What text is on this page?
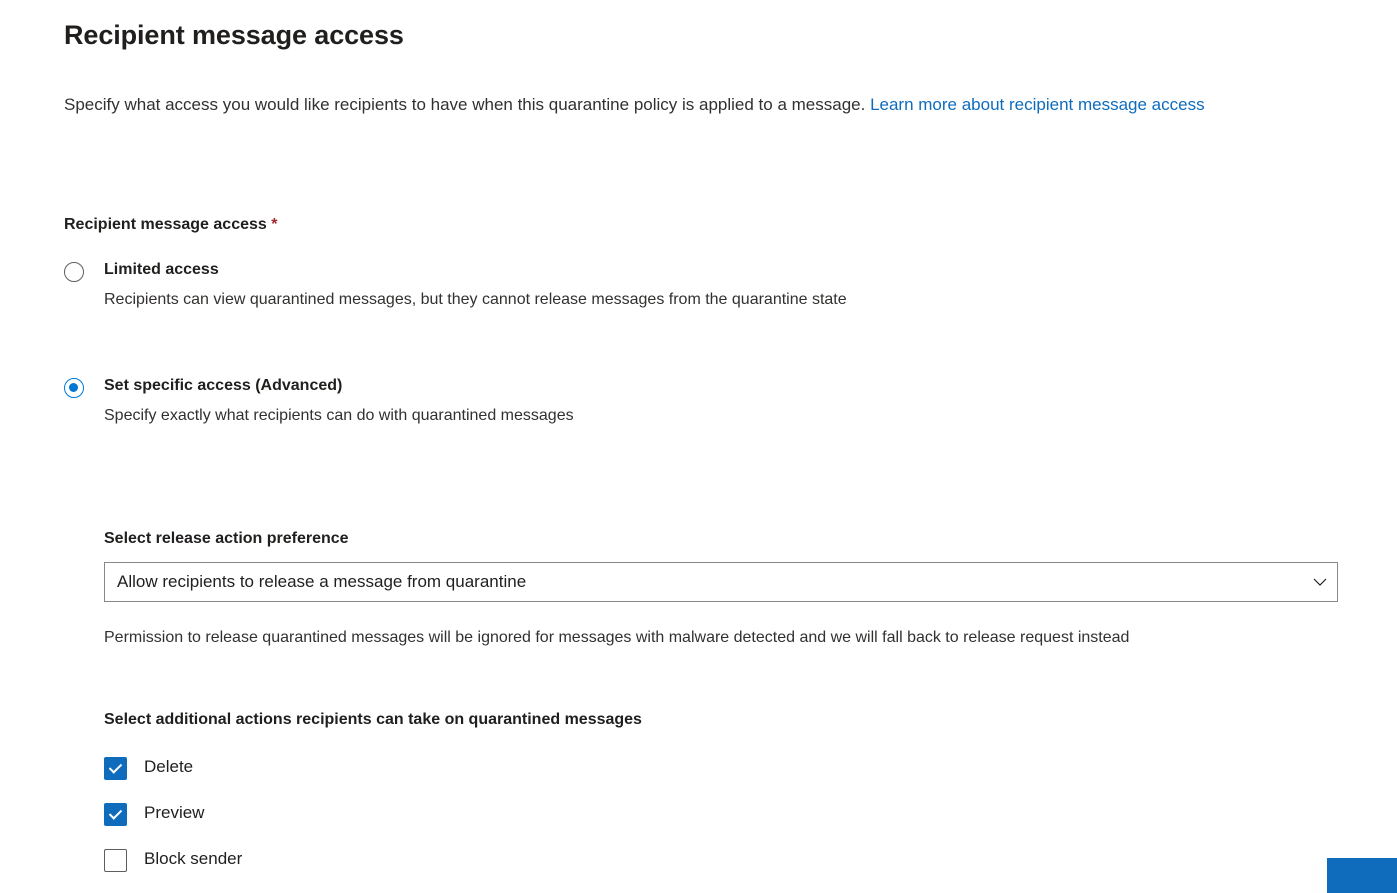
Recipient message access
Specify what access you would like recipients to have when this quarantine policy is applied to a message. Learn more about recipient message access
Recipient message access *
Limited access
Recipients can view quarantined messages, but they cannot release messages from the quarantine state
Set specific access (Advanced)
Specify exactly what recipients can do with quarantined messages
Select release action preference
Allow recipients to release a message from quarantine
Permission to release quarantined messages will be ignored for messages with malware detected and we will fall back to release request instead
Select additional actions recipients can take on quarantined messages
Delete
Preview
Block sender
